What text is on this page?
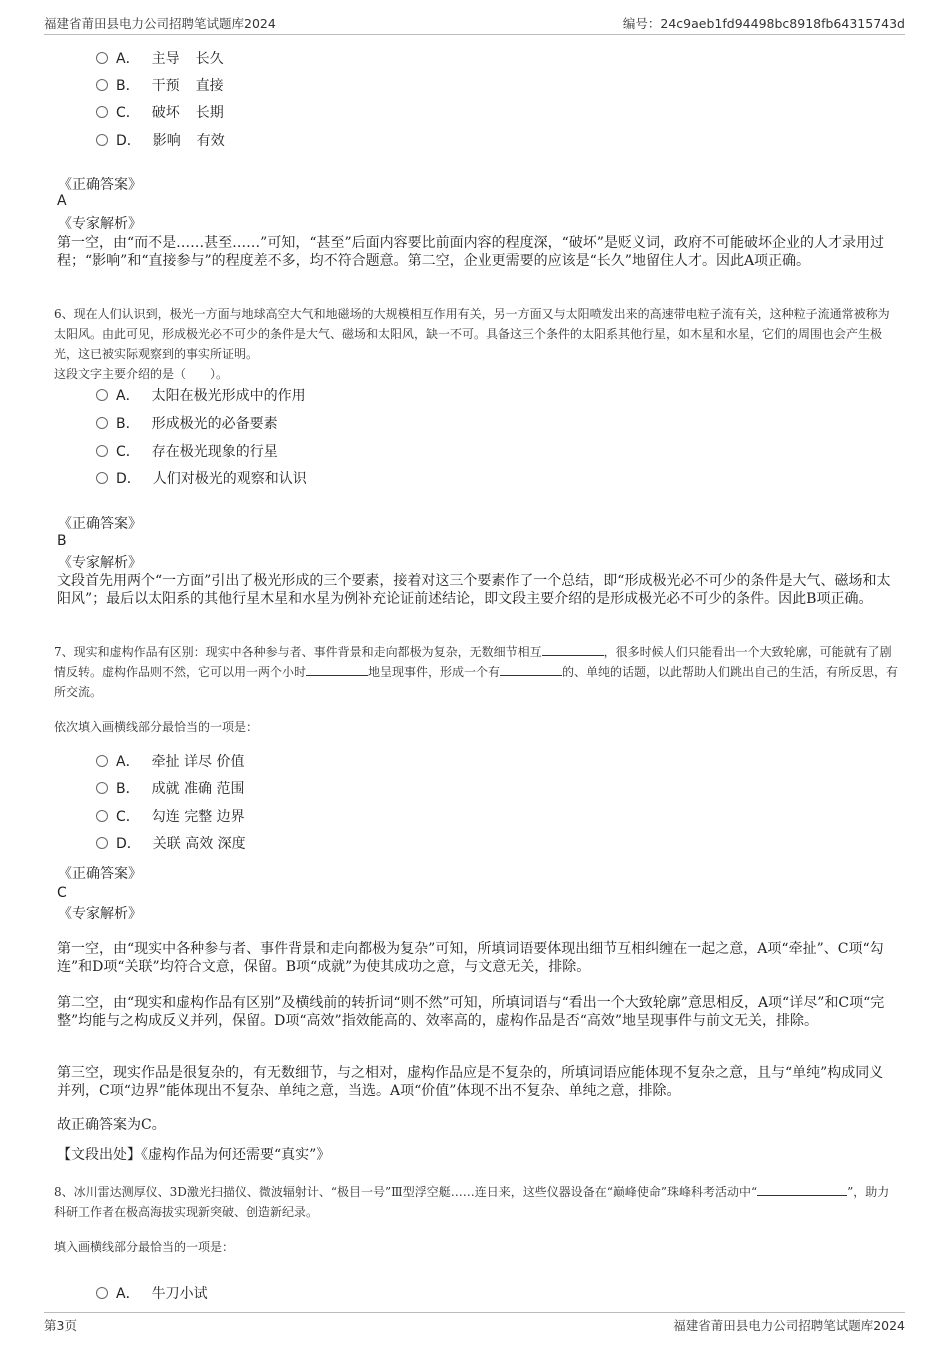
福建省莆田县电力公司招聘笔试题库2024	编号：24c9aeb1fd94498bc8918fb64315743d
A． 主导 长久
B． 干预 直接
C． 破坏 长期
D． 影响 有效
《正确答案》
A
《专家解析》
第一空，由“而不是……甚至……”可知，“甚至”后面内容要比前面内容的程度深，“破坏”是贬义词，政府不可能破坏企业的人才录用过程；“影响”和“直接参与”的程度差不多，均不符合题意。第二空，企业更需要的应该是“长久”地留住人才。因此A项正确。
6、现在人们认识到，极光一方面与地球高空大气和地磁场的大规模相互作用有关，另一方面又与太阳喷发出来的高速带电粒子流有关，这种粒子流通常被称为太阳风。由此可见，形成极光必不可少的条件是大气、磁场和太阳风，缺一不可。具备这三个条件的太阳系其他行星，如木星和水星，它们的周围也会产生极光，这已被实际观察到的事实所证明。
这段文字主要介绍的是（　　）。
A． 太阳在极光形成中的作用
B． 形成极光的必备要素
C． 存在极光现象的行星
D． 人们对极光的观察和认识
《正确答案》
B
《专家解析》
文段首先用两个“一方面”引出了极光形成的三个要素，接着对这三个要素作了一个总结，即“形成极光必不可少的条件是大气、磁场和太阳风”；最后以太阳系的其他行星木星和水星为例补充论证前述结论，即文段主要介绍的是形成极光必不可少的条件。因此B项正确。
7、现实和虚构作品有区别：现实中各种参与者、事件背景和走向都极为复杂，无数细节相互	，很多时候人们只能看出一个大致轮廓，可能就有了剧情反转。虚构作品则不然，它可以用一两个小时	地呈现事件，形成一个有	的、单纯的话题，以此帮助人们跳出自己的生活，有所反思，有所交流。
依次填入画横线部分最恰当的一项是：
A． 牵扯 详尽 价值
B． 成就 准确 范围
C． 勾连 完整 边界
D． 关联 高效 深度
《正确答案》
C
《专家解析》
第一空，由“现实中各种参与者、事件背景和走向都极为复杂”可知，所填词语要体现出细节互相纠缠在一起之意，A项“牵扯”、C项“勾连”和D项“关联”均符合文意，保留。B项“成就”为使其成功之意，与文意无关，排除。
第二空，由“现实和虚构作品有区别”及横线前的转折词“则不然”可知，所填词语与“看出一个大致轮廓”意思相反，A项“详尽”和C项“完整”均能与之构成反义并列，保留。D项“高效”指效能高的、效率高的，虚构作品是否“高效”地呈现事件与前文无关，排除。
第三空，现实作品是很复杂的，有无数细节，与之相对，虚构作品应是不复杂的，所填词语应能体现不复杂之意，且与“单纯”构成同义并列，C项“边界”能体现出不复杂、单纯之意，当选。A项“价值”体现不出不复杂、单纯之意，排除。
故正确答案为C。
【文段出处】《虚构作品为何还需要“真实”》
8、冰川雷达测厚仪、3D激光扫描仪、微波辐射计、“极目一号”Ⅲ型浮空艇……连日来，这些仪器设备在“巅峰使命”珠峰科考活动中“	”，助力科研工作者在极高海拔实现新突破、创造新纪录。
填入画横线部分最恰当的一项是：
A． 牛刀小试
第3页	福建省莆田县电力公司招聘笔试题库2024
